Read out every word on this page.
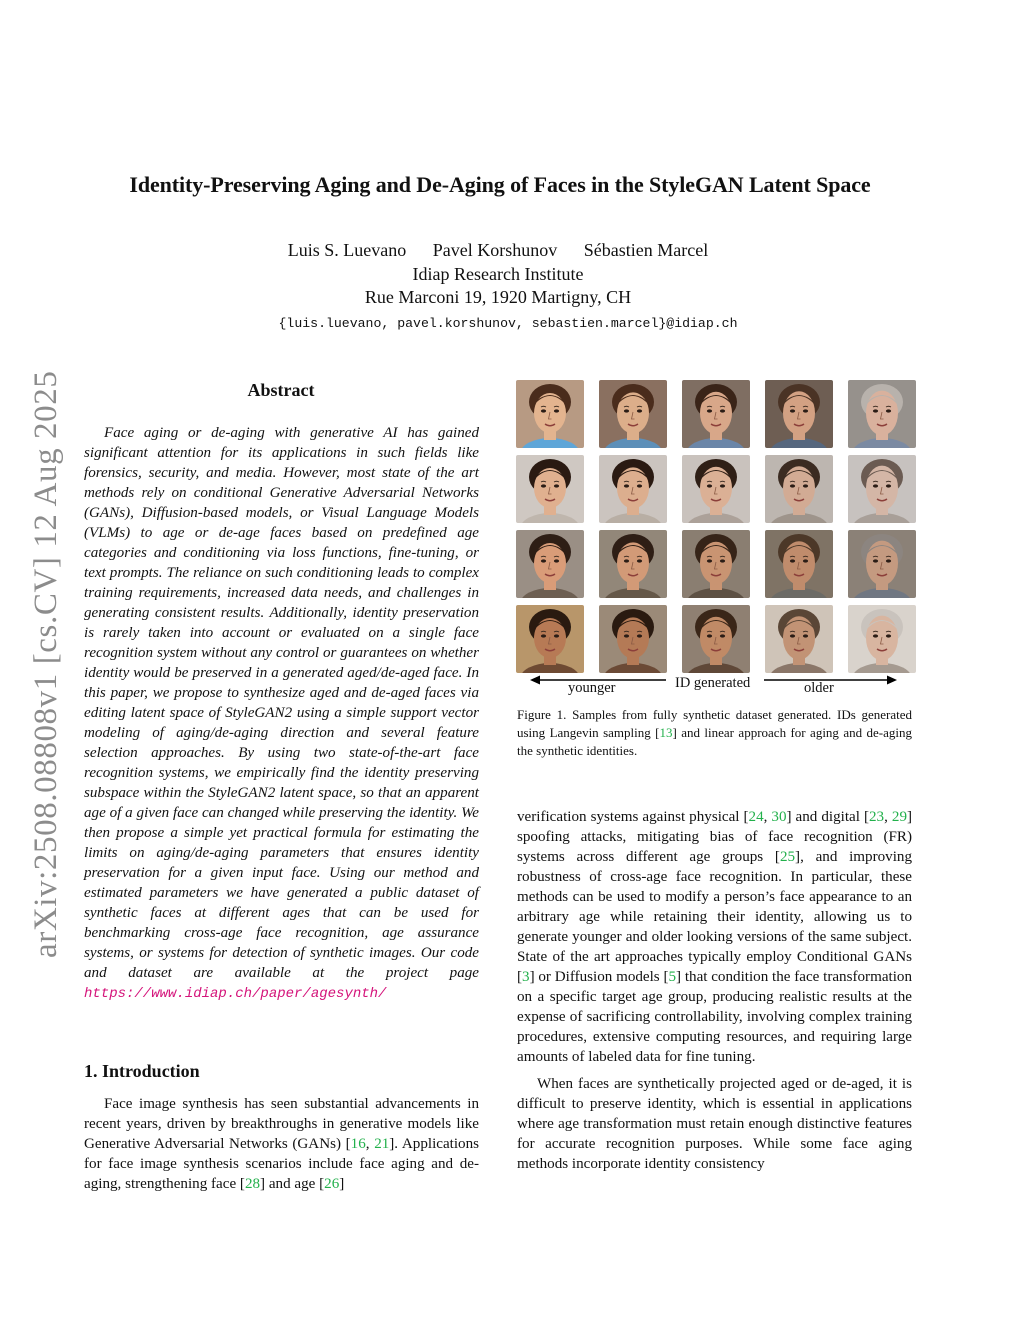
arXiv:2508.08808v1 [cs.CV] 12 Aug 2025
Identity-Preserving Aging and De-Aging of Faces in the StyleGAN Latent Space
Luis S. Luevano Pavel Korshunov Sébastien Marcel
Idiap Research Institute
Rue Marconi 19, 1920 Martigny, CH
{luis.luevano, pavel.korshunov, sebastien.marcel}@idiap.ch
Abstract

Face aging or de-aging with generative AI has gained significant attention for its applications in such fields like forensics, security, and media. However, most state of the art methods rely on conditional Generative Adversarial Networks (GANs), Diffusion-based models, or Visual Language Models (VLMs) to age or de-age faces based on predefined age categories and conditioning via loss functions, fine-tuning, or text prompts. The reliance on such conditioning leads to complex training requirements, increased data needs, and challenges in generating consistent results. Additionally, identity preservation is rarely taken into account or evaluated on a single face recognition system without any control or guarantees on whether identity would be preserved in a generated aged/de-aged face. In this paper, we propose to synthesize aged and de-aged faces via editing latent space of StyleGAN2 using a simple support vector modeling of aging/de-aging direction and several feature selection approaches. By using two state-of-the-art face recognition systems, we empirically find the identity preserving subspace within the StyleGAN2 latent space, so that an apparent age of a given face can changed while preserving the identity. We then propose a simple yet practical formula for estimating the limits on aging/de-aging parameters that ensures identity preservation for a given input face. Using our method and estimated parameters we have generated a public dataset of synthetic faces at different ages that can be used for benchmarking cross-age face recognition, age assurance systems, or systems for detection of synthetic images. Our code and dataset are available at the project page https://www.idiap.ch/paper/agesynth/

1. Introduction

Face image synthesis has seen substantial advancements in recent years, driven by breakthroughs in generative models like Generative Adversarial Networks (GANs) [16, 21]. Applications for face image synthesis scenarios include face aging and de-aging, strengthening face [28] and age [26]

younger	ID generated	older
Figure 1. Samples from fully synthetic dataset generated. IDs generated using Langevin sampling [13] and linear approach for aging and de-aging the synthetic identities.

verification systems against physical [24, 30] and digital [23, 29] spoofing attacks, mitigating bias of face recognition (FR) systems across different age groups [25], and improving robustness of cross-age face recognition. In particular, these methods can be used to modify a person’s face appearance to an arbitrary age while retaining their identity, allowing us to generate younger and older looking versions of the same subject. State of the art approaches typically employ Conditional GANs [3] or Diffusion models [5] that condition the face transformation on a specific target age group, producing realistic results at the expense of sacrificing controllability, involving complex training procedures, extensive computing resources, and requiring large amounts of labeled data for fine tuning.

When faces are synthetically projected aged or de-aged, it is difficult to preserve identity, which is essential in applications where age transformation must retain enough distinctive features for accurate recognition purposes. While some face aging methods incorporate identity consistency
